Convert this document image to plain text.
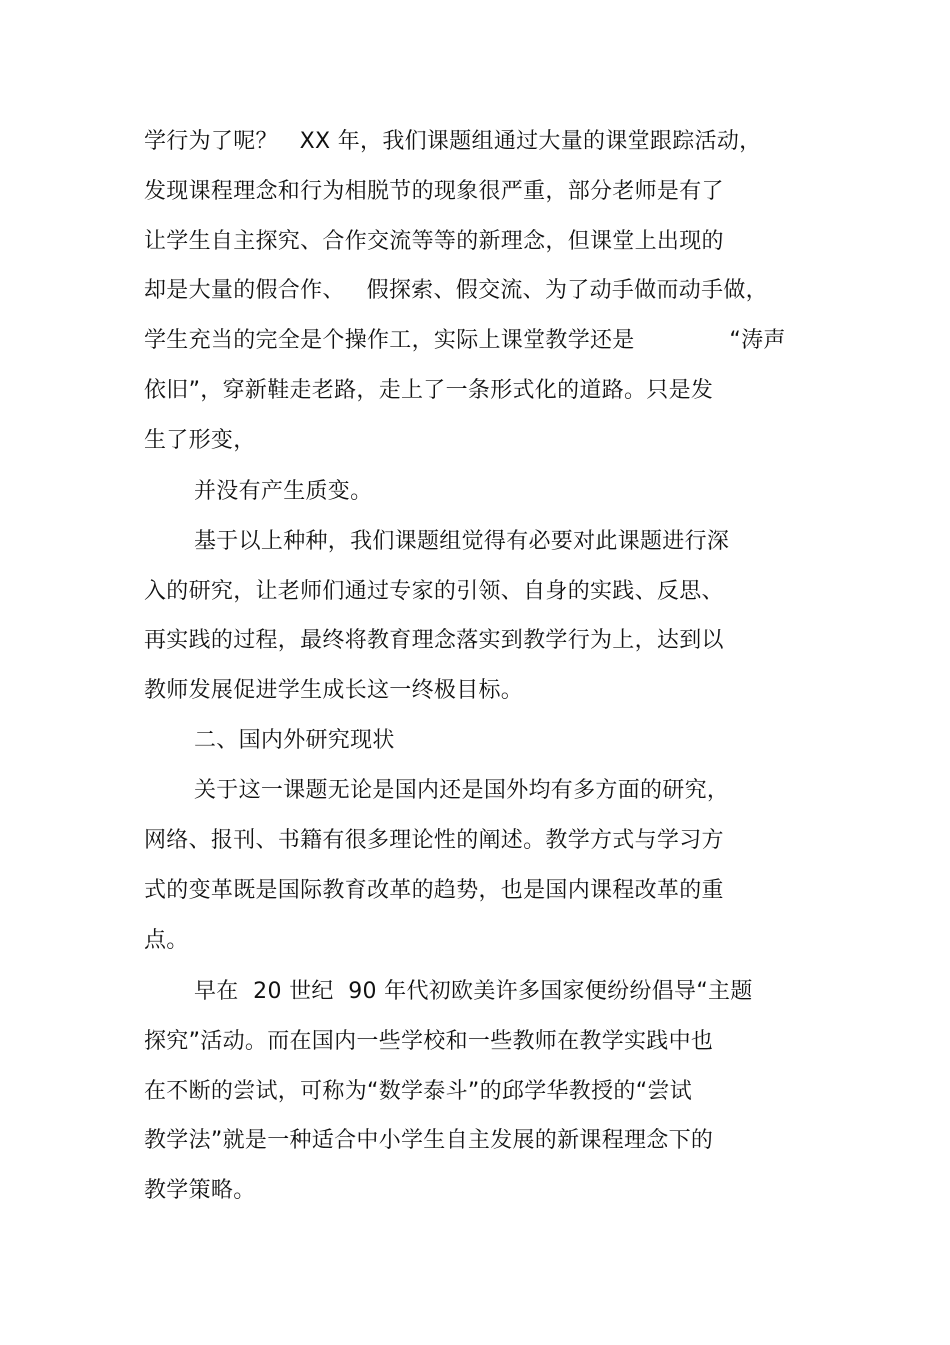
学行为了呢？   XX 年，我们课题组通过大量的课堂跟踪活动，
发现课程理念和行为相脱节的现象很严重，部分老师是有了
让学生自主探究、合作交流等等的新理念，但课堂上出现的
却是大量的假合作、   假探索、假交流、为了动手做而动手做，
学生充当的完全是个操作工，实际上课堂教学还是             “涛声
依旧”，穿新鞋走老路，走上了一条形式化的道路。只是发
生了形变，
并没有产生质变。
基于以上种种，我们课题组觉得有必要对此课题进行深
入的研究，让老师们通过专家的引领、自身的实践、反思、
再实践的过程，最终将教育理念落实到教学行为上，达到以
教师发展促进学生成长这一终极目标。
二、国内外研究现状
关于这一课题无论是国内还是国外均有多方面的研究，
网络、报刊、书籍有很多理论性的阐述。教学方式与学习方
式的变革既是国际教育改革的趋势，也是国内课程改革的重
点。
早在  20 世纪  90 年代初欧美许多国家便纷纷倡导“主题
探究”活动。而在国内一些学校和一些教师在教学实践中也
在不断的尝试，可称为“数学泰斗”的邱学华教授的“尝试
教学法”就是一种适合中小学生自主发展的新课程理念下的
教学策略。
